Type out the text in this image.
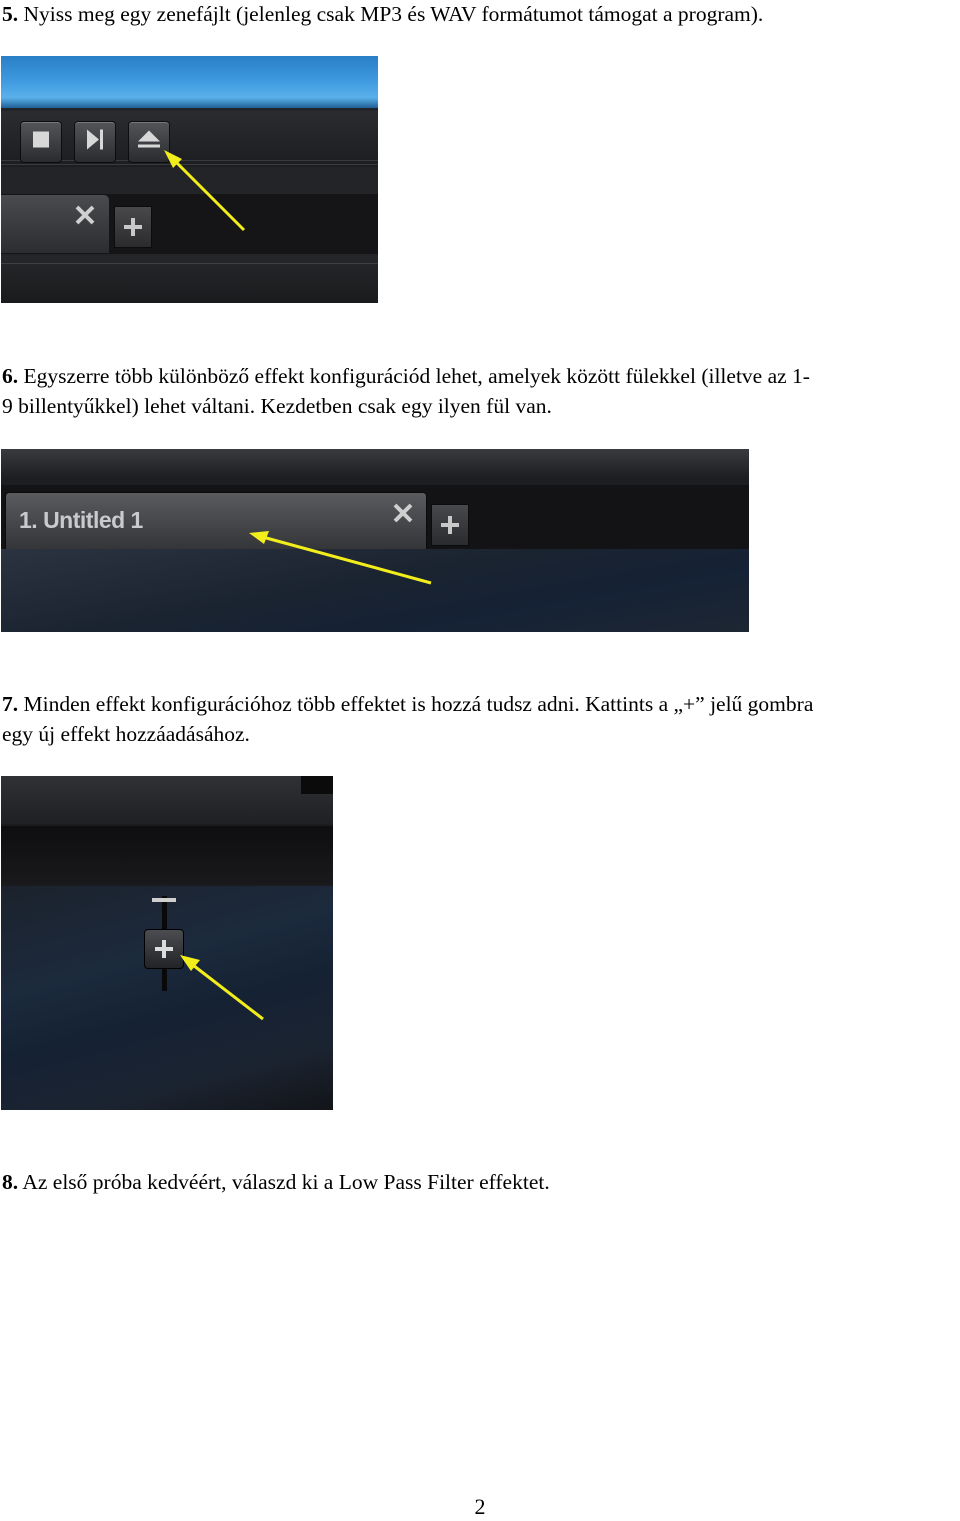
5. Nyiss meg egy zenefájlt (jelenleg csak MP3 és WAV formátumot támogat a program).

6. Egyszerre több különböző effekt konfigurációd lehet, amelyek között fülekkel (illetve az 1-

9 billentyűkkel) lehet váltani. Kezdetben csak egy ilyen fül van.

1. Untitled 1

7. Minden effekt konfigurációhoz több effektet is hozzá tudsz adni. Kattints a „+” jelű gombra

egy új effekt hozzáadásához.

8. Az első próba kedvéért, válaszd ki a Low Pass Filter effektet.

2
